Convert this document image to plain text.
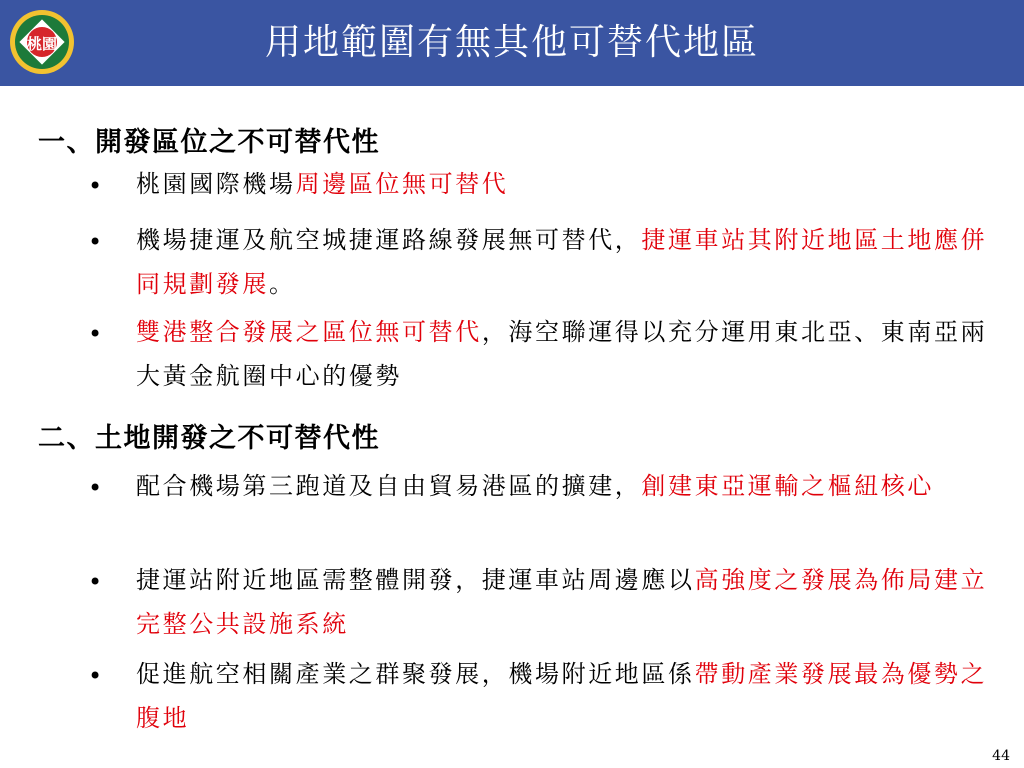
桃園	用地範圍有無其他可替代地區
一、開發區位之不可替代性
• 桃園國際機場周邊區位無可替代
• 機場捷運及航空城捷運路線發展無可替代，捷運車站其附近地區土地應併同規劃發展。
• 雙港整合發展之區位無可替代，海空聯運得以充分運用東北亞、東南亞兩大黃金航圈中心的優勢
二、土地開發之不可替代性
• 配合機場第三跑道及自由貿易港區的擴建，創建東亞運輸之樞紐核心
• 捷運站附近地區需整體開發，捷運車站周邊應以高強度之發展為佈局建立完整公共設施系統
• 促進航空相關產業之群聚發展，機場附近地區係帶動產業發展最為優勢之腹地
44
